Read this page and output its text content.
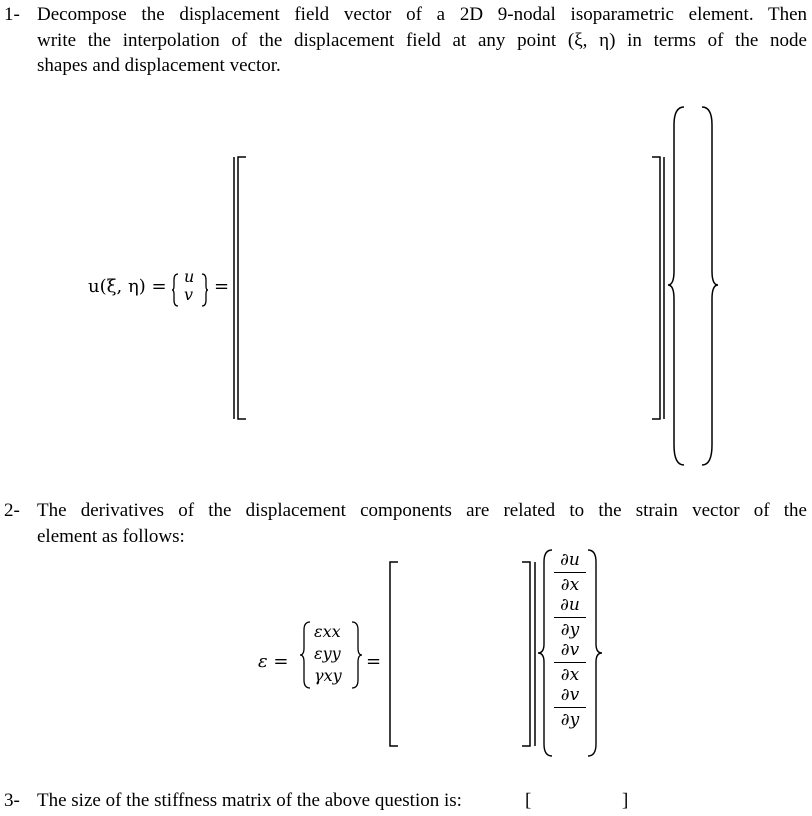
1- Decompose the displacement field vector of a 2D 9-nodal isoparametric element. Then
write the interpolation of the displacement field at any point (ξ, η) in terms of the node
shapes and displacement vector.
u(ξ, η) = u
v =
2- The derivatives of the displacement components are related to the strain vector of the
element as follows:
ε =
εxx
εyy
γxy
=
$\frac{\partial u}{\partial x}$
$\frac{\partial u}{\partial y}$
$\frac{\partial v}{\partial x}$
$\frac{\partial v}{\partial y}$
3- The size of the stiffness matrix of the above question is:	[	]
